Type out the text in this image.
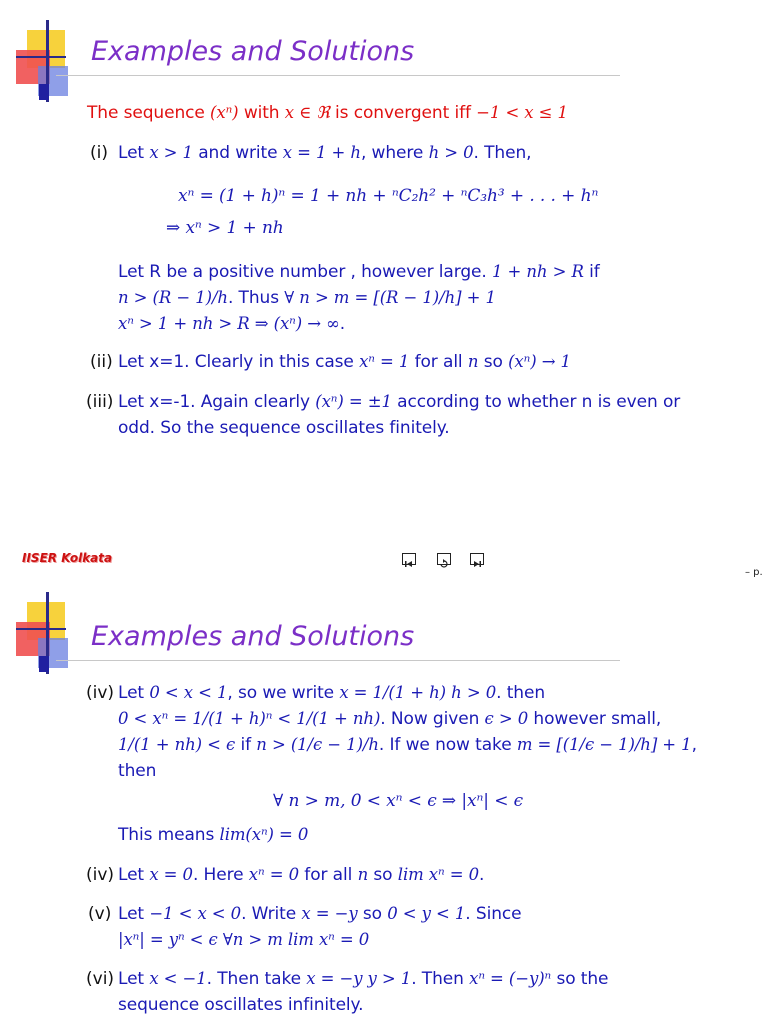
Examples and Solutions
The sequence (xⁿ) with x ∈ ℜ is convergent iff −1 < x ≤ 1
(i) Let x > 1 and write x = 1 + h, where h > 0. Then,
xⁿ = (1 + h)ⁿ = 1 + nh + ⁿC₂h² + ⁿC₃h³ + . . . + hⁿ
⇒ xⁿ > 1 + nh
Let R be a positive number , however large. 1 + nh > R if
n > (R − 1)/h. Thus ∀ n > m = [(R − 1)/h] + 1
xⁿ > 1 + nh > R ⇒ (xⁿ) → ∞.
(ii) Let x=1. Clearly in this case xⁿ = 1 for all n so (xⁿ) → 1
(iii) Let x=-1. Again clearly (xⁿ) = ±1 according to whether n is even or
odd. So the sequence oscillates finitely.
IISER Kolkata
– p.
Examples and Solutions
(iv) Let 0 < x < 1, so we write x = 1/(1 + h) h > 0. then
0 < xⁿ = 1/(1 + h)ⁿ < 1/(1 + nh). Now given ϵ > 0 however small,
1/(1 + nh) < ϵ if n > (1/ϵ − 1)/h. If we now take m = [(1/ϵ − 1)/h] + 1,
then
∀ n > m, 0 < xⁿ < ϵ ⇒ |xⁿ| < ϵ
This means lim(xⁿ) = 0
(iv) Let x = 0. Here xⁿ = 0 for all n so lim xⁿ = 0.
(v) Let −1 < x < 0. Write x = −y so 0 < y < 1. Since
|xⁿ| = yⁿ < ϵ ∀n > m lim xⁿ = 0
(vi) Let x < −1. Then take x = −y y > 1. Then xⁿ = (−y)ⁿ so the
sequence oscillates infinitely.
